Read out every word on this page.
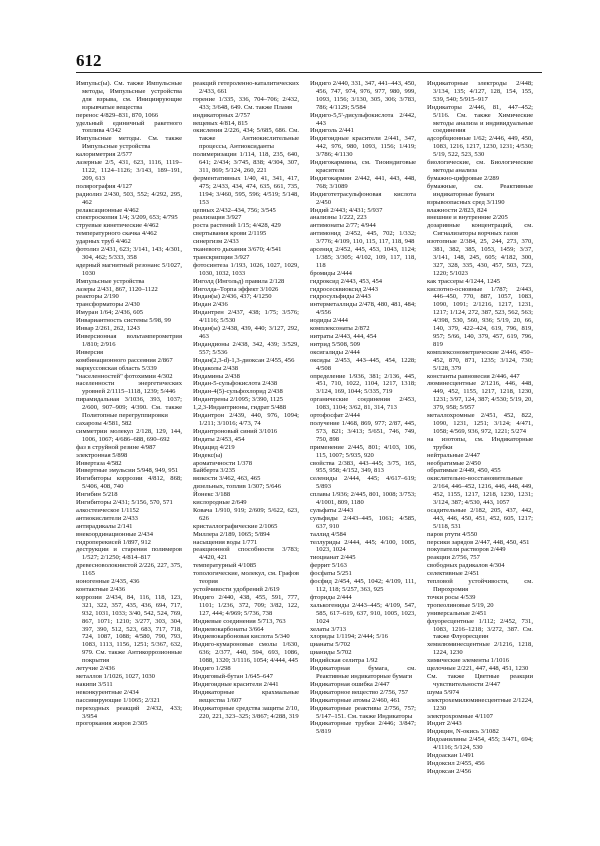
612

Импульс(ы). См. также Импульсные методы, Импульсные устройства для взрыва, см. Инициирующие взрывчатые вещества

перенос 4/829–831, 870, 1066

удельный единичный ракетного топлива 4/342

Импульсные методы. См. также Импульсные устройства

калориметрия 2/577

лазерные 2/5, 431, 623, 1116, 1119–1122, 1124–1126; 3/143, 189–191, 209, 613

полярография 4/127

радиолиз 2/430, 503, 552; 4/292, 295, 462

релаксационные 4/462

спектроскопия 1/4; 3/209, 653; 4/795

струевые кинетические 4/462

температурного скачка 4/462

ударных труб 4/462

фотолиз 2/431, 623; 3/141, 143; 4/301, 304, 462; 5/333, 358

ядерный магнитный резонанс 5/1027, 1030

Импульсные устройства

лазеры 2/431, 867, 1120–1122

реакторы 2/190

трансформаторы 2/430

Имуран 1/64; 2/436, 605

Инвариантность системы 5/98, 99

Инвар 2/261, 262, 1243

Инверсионная вольтамперометрия 1/810; 2/916

Инверсия

комбинационного рассеяния 2/867

маркуссовская область 5/339

"населенностей" фотохимии 4/302

населенности энергетических уровней 2/1115–1118, 1239; 5/446

пирамидальная 3/1036, 393, 1037; 2/600, 907–909; 4/390. См. также Политопные перегруппировки

сахарозы 4/581, 582

симметрии молекул 2/128, 129, 144, 1006, 1067; 4/686–688, 690–692

фаз в струйной резине 4/987

электронная 5/898

Инвертаза 4/582

Инвертные эмульсии 5/948, 949, 951

Ингибиторы коррозии 4/812, 868; 5/406, 408, 740

Ингибин 5/218

Ингибиторы 2/431; 5/156, 570, 571

алкостеическое 1/1152

антиокислители 2/433

антирадикалы 2/141

внекоординационные 2/434

гидроперекисей 1/897, 912

деструкции и старения полимеров 1/527; 2/1250; 4/814–817

древесноволокнистой 2/226, 227, 375, 1165

ионогенные 2/435, 436

контактные 2/436

коррозии 2/434, 84, 116, 118, 123, 321, 322, 357, 435, 436, 694, 717, 932, 1031, 1033; 3/40, 542, 524, 769, 867, 1071; 1210; 3/277, 303, 304, 397, 390, 512, 523, 683, 717, 718, 724, 1087, 1088; 4/580, 790, 793, 1083, 1113, 1156, 1251; 5/367, 632, 979. См. также Антикоррозионные покрытия

летучие 2/436

металлов 1/1026, 1027, 1030

накипи 3/511

неконкурентные 2/434

пассивирующие 1/1065; 2/321

переходных реакций 2/432, 433; 3/954

прогоркания жиров 2/305

реакций гетероленно-каталитических 2/433, 661

горение 1/335, 336, 704–706; 2/432, 433; 3/648, 649. См. также Пламя

индикаторных 2/757

вещевых 4/814, 815

окисления 2/226, 434; 5/685, 686. См. также Антиокислительные процессы, Антиоксиданты

полимеризации 1/114, 118, 235, 640, 641; 2/434; 3/745, 838; 4/304, 307, 311, 869; 5/124, 260, 221

ферментативных 1/40, 41, 341, 417, 475; 2/433, 434, 474, 635, 661, 735, 1194; 3/460, 595, 596; 4/519; 5/148, 153

цепных 2/432–434, 756; 3/545

реализация 3/927

роста растений 1/15; 4/428, 429

свертывания крови 2/1195

синергизм 2/433

тканевого дыхания 3/670; 4/541

транскрипции 3/927

фотосинтеза 1/193, 1026, 1027, 1029, 1030, 1032, 1033

Инголд (Ингольд) правила 2/128

Инголда–Торпа эффект 3/1026

Индан(ы) 2/436, 437; 4/1250

Индан 2/436

Индантрен 2/437, 438; 1/75; 3/576; 4/1116; 5/530

Индан(ы) 2/438, 439, 440; 3/127, 292, 463

Индандионы 2/438, 342, 439; 3/529, 557; 5/536

Индан(2,3-d)-1,3-диоксан 2/455, 456

Индаколы 2/438

Индамины 2/438

Индан-5-сульфокислота 2/438

Индан-4(5)-сульфохлорид 2/438

Индантрены 2/1095; 3/390, 1125

1,2,3-Индантрионы, гидрат 5/488

Индантрон 2/439, 440, 976, 1094; 1/211; 3/1016; 4/73, 74

Индантроновый синий 3/1016

Индаты 2/453, 454

Индацид 4/219

Индекс(ы)

ароматичности 1/378

Байберта 3/235

вязкости 3/462, 463, 465

дизельных, топлив 1/307; 5/646

Йонекс 3/188

кислородные 2/649

Ковача 1/910, 919; 2/609; 5/622, 623, 626

кристаллографические 2/1065

Миллера 2/189, 1065; 5/894

насыщения воды 1/771

реакционной способности 3/783; 4/420, 421

температурный 4/1085

топологические, молекул, см. Графов теория

устойчивости удобрений 2/619

Индиго 2/440, 438, 455, 591, 777, 1101; 1/236, 372, 709; 3/82, 122, 127, 444; 4/969; 5/736, 738

Индиевые соединения 5/713, 763

Индиевокарбонаты 3/664

Индиевокарбоновая кислота 5/340

Индиго-кумароновые смолы 1/630, 636; 2/377, 440, 594, 693, 1086, 1088, 1320; 3/1116, 1054; 4/444, 445

Индиго 1/298

Индиговый-бутан 1/645–647

Индигоидные красители 2/441

Индикаторные крахмальные вещества 1/607

Индикаторные средства защиты 2/10, 220, 221, 323–325; 3/867; 4/288, 319

Индиго 2/440, 331, 347, 441–443, 450, 456, 747, 974, 976, 977, 980, 999, 1093, 1156; 3/130, 305, 306; 3/783, 786; 4/1129; 5/584

Индиго-5,5'-дисульфокислота 2/442, 443

Индиголь 2/441

Индигоидные красители 2/441, 347, 442, 976, 980, 1093, 1156; 1/419; 3/786; 4/1130

Индигокармины, см. Тиоиндиговые красители

Индигокармин 2/442, 441, 443, 448, 768; 3/1089

Индиготетрасульфоновая кислота 2/450

Индий 2/443; 4/431; 5/937

анализны 1/222, 223

антимонаты 2/77; 4/944

антимонид 2/452, 445, 702; 1/332; 3/776; 4/109, 110, 115, 117, 118, 948

арсенид 2/452, 445, 453, 1043, 1124; 1/385; 3/305; 4/102, 109, 117, 118, 118

бромиды 2/444

гидроксид 2/443, 453, 454

гидросесквиоксид 2/443

гидросульфиды 2/443

интерметаллиды 2/478, 480, 481, 484; 4/556

иодиды 2/444

комплексонаты 2/872

нитраты 2/443, 444, 454

нитрид 5/508, 509

оксигалиды 2/444

оксиды 2/453, 443–445, 454, 1228; 4/508

определение 1/936, 381; 2/136, 445, 451, 710, 1022, 1104, 1217, 1318; 3/124, 169, 1044; 5/335, 719

органические соединения 2/453, 1083, 1104; 3/62, 81, 314, 713

ортофосфат 2/444

получение 1/468, 869, 977; 2/87, 445, 573, 821; 3/413; 5/651, 746, 749, 750, 898

применение 2/445, 801; 4/103, 106, 115, 1007; 5/935, 920

свойства 2/383, 443–445; 3/75, 165, 955, 958; 4/152, 349, 813

селениды 2/444, 445; 4/617–619; 5/893

сплавы 1/936; 2/445, 801, 1008; 3/753; 4/1001, 809, 1180

сульфаты 2/443

сульфиды 2/443–445, 1061; 4/585, 637, 910

таллид 4/584

теллуриды 2/444, 445; 4/100, 1005, 1023, 1024

тиоцианат 2/445

феррит 5/163

фосфаты 5/251

фосфид 2/454, 445, 1042; 4/109, 111, 112, 118; 5/257, 363, 925

фториды 2/444

халькогениды 2/443–445; 4/109, 547, 585, 617–619, 637, 910, 1005, 1023, 1024

хелаты 3/713

хлориды 1/1194; 2/444; 5/16

цианаты 5/702

цианиды 5/702

Индийская селитра 1/92

Индикаторная бумага, см. Реактивные индикаторные бумаги

Индикаторная ошибка 2/447

Индикаторное вещество 2/756, 757

Индикаторные атомы 2/460, 461

Индикаторные реактивы 2/756, 757; 5/147–151. См. также Индикаторы

Индикаторные трубки 2/446; 3/847; 5/819

Индикаторные электроды 2/448; 3/134, 135; 4/127, 128, 154, 155, 539, 540; 5/915–917

Индикаторы 2/446, 81, 447–452; 5/116. См. также Химические методы анализа и индивидуальные соединения

адсорбционные 1/62; 2/446, 449, 450, 1083, 1216, 1217, 1230, 1231; 4/530; 5/19, 522, 523, 530

биологические, см. Биологические методы анализа

бумажно-цифровые 2/289

бумажные, см. Реактивные индикаторные бумаги

взрывоопасных сред 3/1190

влажности 2/823, 824

внешние и внутренние 2/205

дозаривные концентраций, см. Сигнализаторы ворчных газов

изотопные 2/384, 25, 244, 273, 370, 381, 382, 385, 1053, 1459; 3/37, 3/141, 148, 245, 605; 4/182, 300, 327, 328, 335, 430, 457, 503, 723, 1220; 5/1023

как трассеры 4/1244, 1245

кислотно-основные 1/787; 2/443, 446–450, 770, 887, 1057, 1083, 1090, 1091; 2/1216, 1217, 1231, 1217; 1/124, 272, 387, 523, 562, 563; 4/398, 530, 560, 936; 5/19, 20, 66, 140, 379, 422–424, 619, 796, 819, 957; 5/66, 140, 379, 457, 619, 796, 819

комплексонометрические 2/446, 450–452, 870, 871, 1235; 3/124, 730; 5/128, 379

константы равновесия 2/446, 447

люминесцентные 2/1216, 446, 448, 449, 452, 1155, 1217, 1218, 1230, 1231; 3/97, 124, 387; 4/530; 5/19, 20, 379, 958; 5/957

металлохромные 2/451, 452, 822, 1090, 1231, 1251; 3/124; 4/471, 1058; 4/569, 936, 972, 1221; 5/274

на изотопы, см. Индикаторные трубки

нейтральные 2/447

необратимые 2/450

обратимые 2/449, 450, 455

окислительно-восстановительные 2/164, 446–452, 1216, 446, 448, 449, 452, 1155, 1217, 1218, 1230, 1231; 3/124, 387; 4/530, 443, 1057

осадительные 2/182, 205, 437, 442, 443, 446, 450, 451, 452, 605, 1217; 5/118, 531

паров ртути 4/550

персики зарядов 2/447, 448, 450, 451

покупатели растворов 2/449

реакции 2/756, 757

свободных радикалов 4/304

селективные 2/451

тепловой устойчивости, см. Пирохромия

точки росы 4/539

тропеолиновые 5/19, 20

универсальные 2/451

флуоресцентные 1/112; 2/452, 731, 1083, 1216–1218; 3/272, 387. См. также Флуоресцеин

хемилюминесцентные 2/1216, 1218, 1224, 1230

химические элементы 1/1016

щелочные 2/221, 447, 448, 451, 1230

См. также Цветные реакции чувствительности 2/447

шума 5/974

электрохемилюминесцентные 2/1224, 1230

электрохромные 4/1107

Индит 2/443

Индицин, N-окись 3/1082

Индоанилины 2/454, 455; 3/471, 694; 4/1116; 5/124, 530

Индоаскан 1/491

Индоксил 2/455, 456

Индоксан 2/456
